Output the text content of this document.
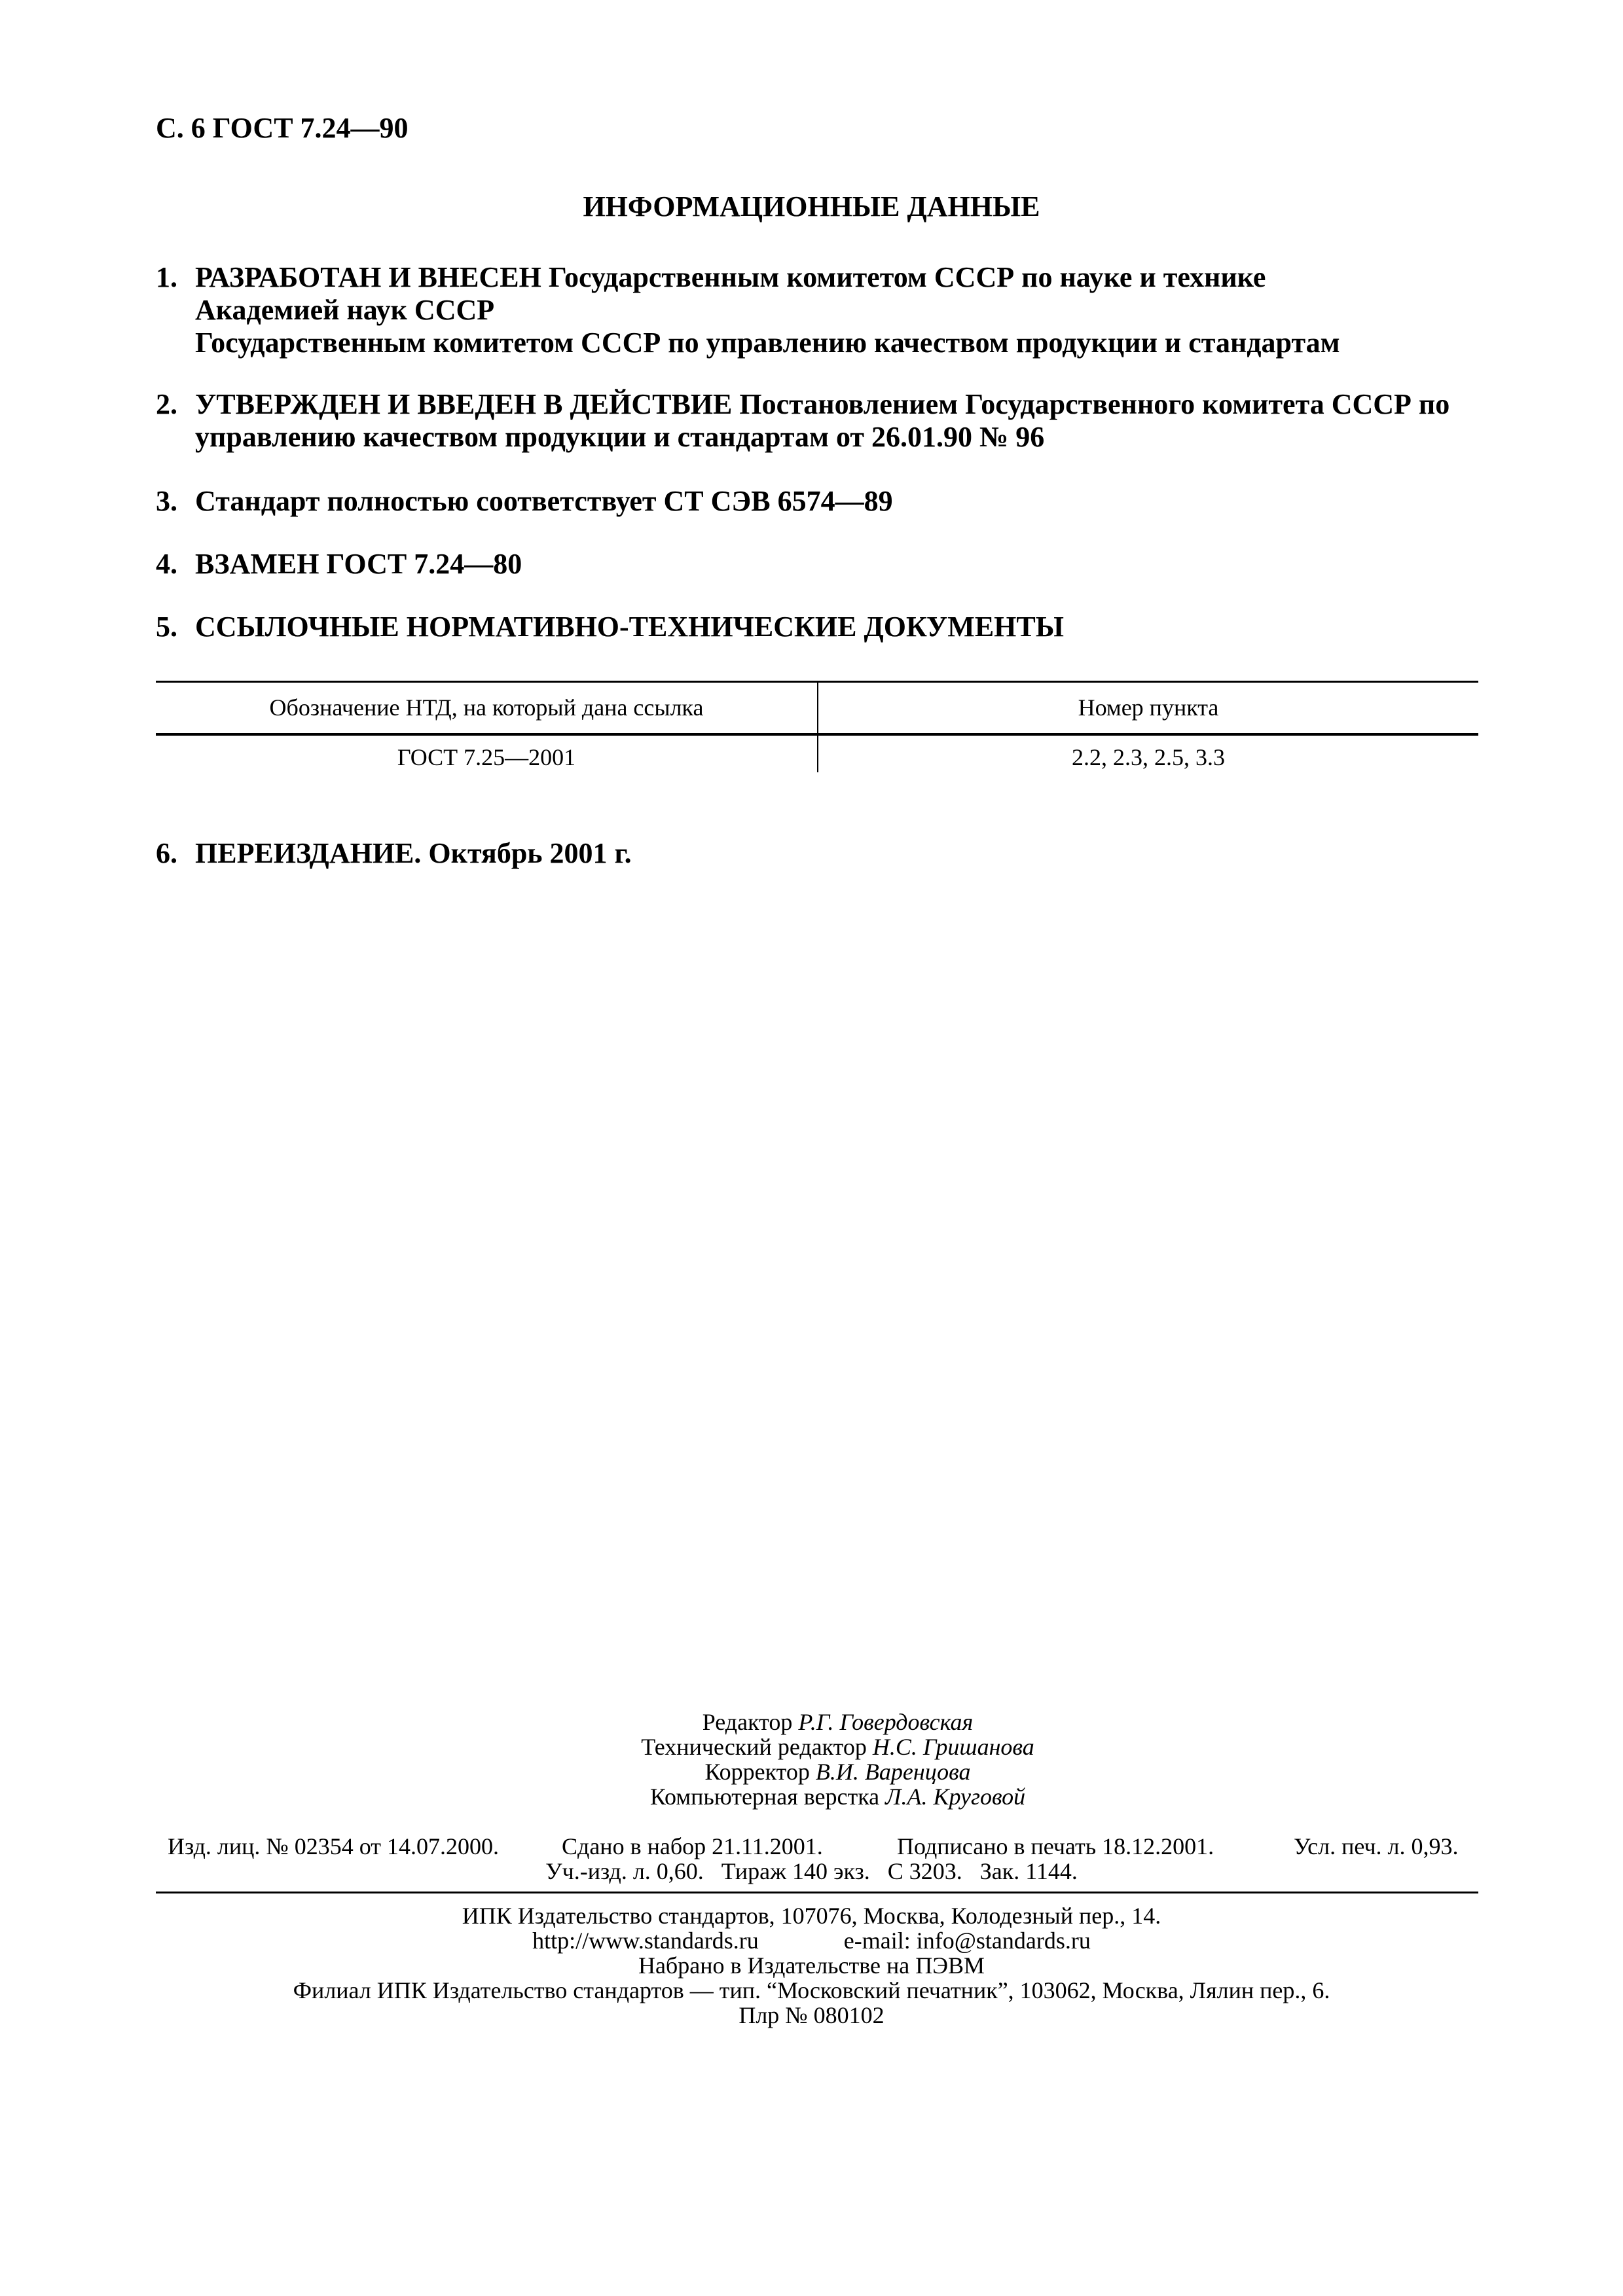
С. 6 ГОСТ 7.24—90
ИНФОРМАЦИОННЫЕ ДАННЫЕ
1. РАЗРАБОТАН И ВНЕСЕН Государственным комитетом СССР по науке и технике
Академией наук СССР
Государственным комитетом СССР по управлению качеством продукции и стандартам
2. УТВЕРЖДЕН И ВВЕДЕН В ДЕЙСТВИЕ Постановлением Государственного комитета СССР по
управлению качеством продукции и стандартам от 26.01.90 № 96
3. Стандарт полностью соответствует СТ СЭВ 6574—89
4. ВЗАМЕН ГОСТ 7.24—80
5. ССЫЛОЧНЫЕ НОРМАТИВНО-ТЕХНИЧЕСКИЕ ДОКУМЕНТЫ
Обозначение НТД, на который дана ссылка	Номер пункта
ГОСТ 7.25—2001	2.2, 2.3, 2.5, 3.3
6. ПЕРЕИЗДАНИЕ. Октябрь 2001 г.
Редактор Р.Г. Говердовская
Технический редактор Н.С. Гришанова
Корректор В.И. Варенцова
Компьютерная верстка Л.А. Круговой
Изд. лиц. № 02354 от 14.07.2000.	Сдано в набор 21.11.2001.	Подписано в печать 18.12.2001.	Усл. печ. л. 0,93.
Уч.-изд. л. 0,60.   Тираж 140 экз.   С 3203.   Зак. 1144.
ИПК Издательство стандартов, 107076, Москва, Колодезный пер., 14.
http://www.standards.ru	e-mail: info@standards.ru
Набрано в Издательстве на ПЭВМ
Филиал ИПК Издательство стандартов — тип. “Московский печатник”, 103062, Москва, Лялин пер., 6.
Плр № 080102
